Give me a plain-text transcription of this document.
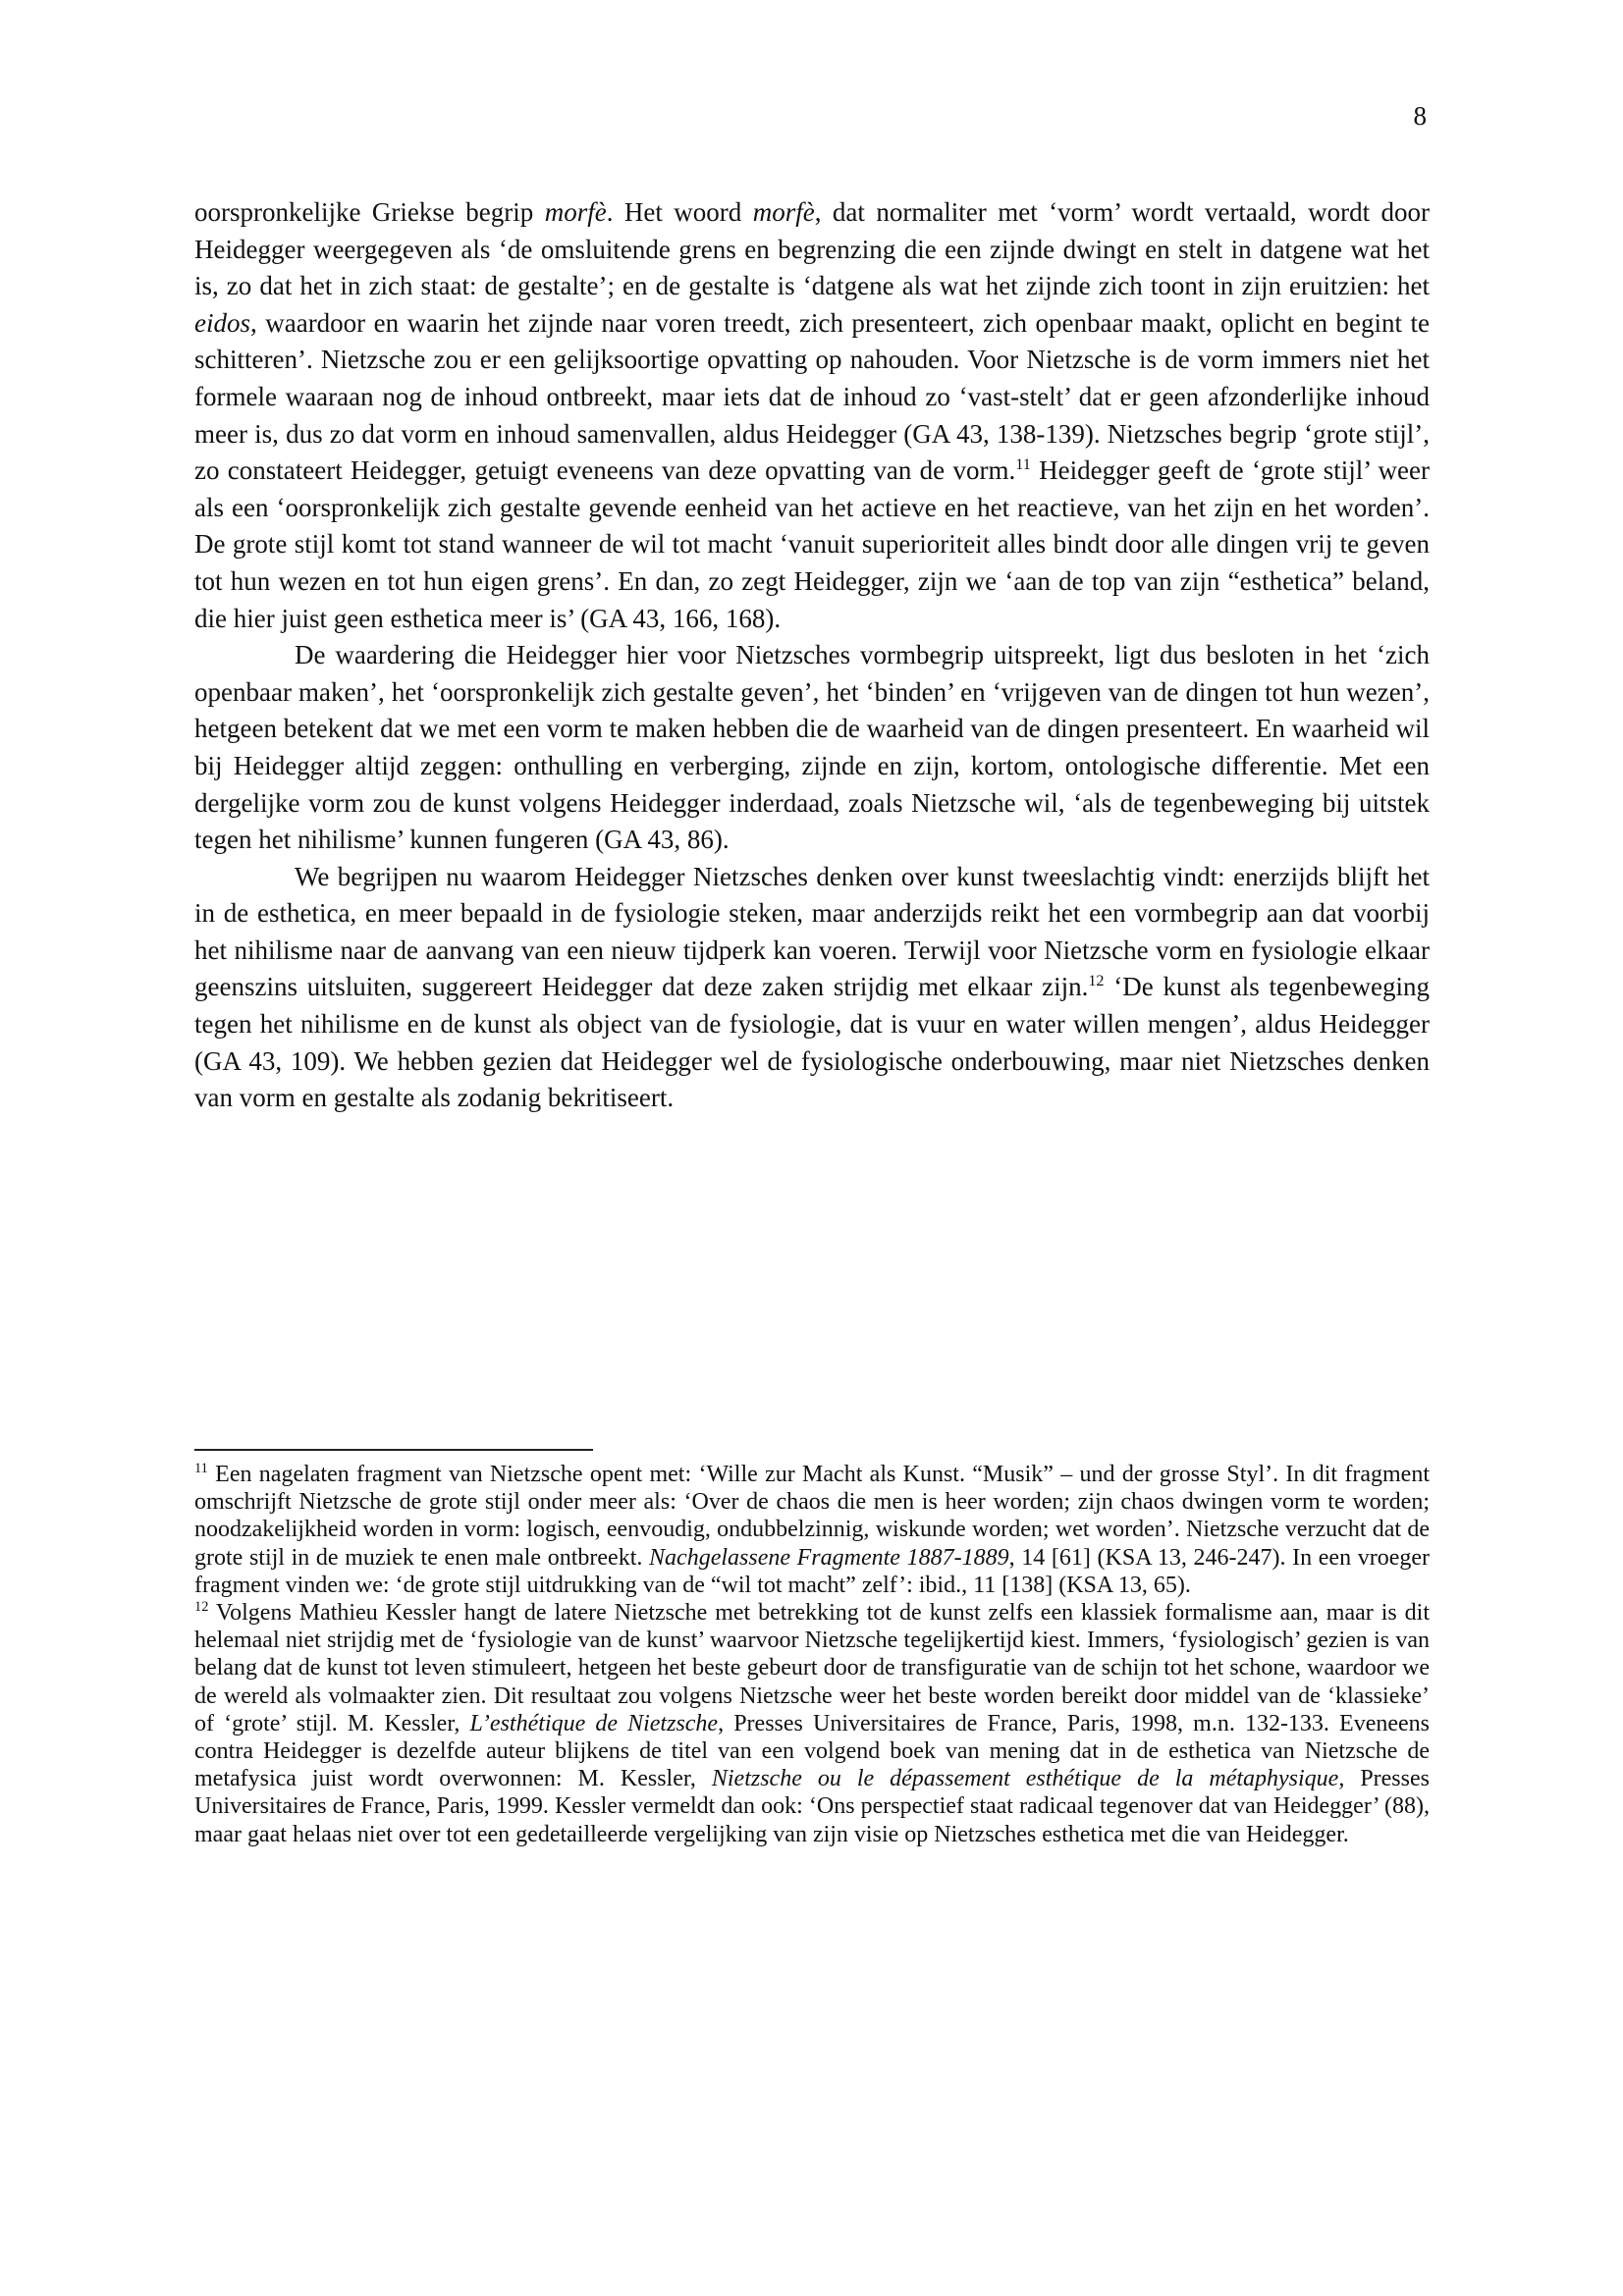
8

oorspronkelijke Griekse begrip morfè. Het woord morfè, dat normaliter met ‘vorm’ wordt vertaald, wordt door Heidegger weergegeven als ‘de omsluitende grens en begrenzing die een zijnde dwingt en stelt in datgene wat het is, zo dat het in zich staat: de gestalte’; en de gestalte is ‘datgene als wat het zijnde zich toont in zijn eruitzien: het eidos, waardoor en waarin het zijnde naar voren treedt, zich presenteert, zich openbaar maakt, oplicht en begint te schitteren’. Nietzsche zou er een gelijksoortige opvatting op nahouden. Voor Nietzsche is de vorm immers niet het formele waaraan nog de inhoud ontbreekt, maar iets dat de inhoud zo ‘vast-stelt’ dat er geen afzonderlijke inhoud meer is, dus zo dat vorm en inhoud samenvallen, aldus Heidegger (GA 43, 138-139). Nietzsches begrip ‘grote stijl’, zo constateert Heidegger, getuigt eveneens van deze opvatting van de vorm.$^{11}$ Heidegger geeft de ‘grote stijl’ weer als een ‘oorspronkelijk zich gestalte gevende eenheid van het actieve en het reactieve, van het zijn en het worden’. De grote stijl komt tot stand wanneer de wil tot macht ‘vanuit superioriteit alles bindt door alle dingen vrij te geven tot hun wezen en tot hun eigen grens’. En dan, zo zegt Heidegger, zijn we ‘aan de top van zijn “esthetica” beland, die hier juist geen esthetica meer is’ (GA 43, 166, 168).

De waardering die Heidegger hier voor Nietzsches vormbegrip uitspreekt, ligt dus besloten in het ‘zich openbaar maken’, het ‘oorspronkelijk zich gestalte geven’, het ‘binden’ en ‘vrijgeven van de dingen tot hun wezen’, hetgeen betekent dat we met een vorm te maken hebben die de waarheid van de dingen presenteert. En waarheid wil bij Heidegger altijd zeggen: onthulling en verberging, zijnde en zijn, kortom, ontologische differentie. Met een dergelijke vorm zou de kunst volgens Heidegger inderdaad, zoals Nietzsche wil, ‘als de tegenbeweging bij uitstek tegen het nihilisme’ kunnen fungeren (GA 43, 86).

We begrijpen nu waarom Heidegger Nietzsches denken over kunst tweeslachtig vindt: enerzijds blijft het in de esthetica, en meer bepaald in de fysiologie steken, maar anderzijds reikt het een vormbegrip aan dat voorbij het nihilisme naar de aanvang van een nieuw tijdperk kan voeren. Terwijl voor Nietzsche vorm en fysiologie elkaar geenszins uitsluiten, suggereert Heidegger dat deze zaken strijdig met elkaar zijn.$^{12}$ ‘De kunst als tegenbeweging tegen het nihilisme en de kunst als object van de fysiologie, dat is vuur en water willen mengen’, aldus Heidegger (GA 43, 109). We hebben gezien dat Heidegger wel de fysiologische onderbouwing, maar niet Nietzsches denken van vorm en gestalte als zodanig bekritiseert.

$^{11}$ Een nagelaten fragment van Nietzsche opent met: ‘Wille zur Macht als Kunst. “Musik” – und der grosse Styl’. In dit fragment omschrijft Nietzsche de grote stijl onder meer als: ‘Over de chaos die men is heer worden; zijn chaos dwingen vorm te worden; noodzakelijkheid worden in vorm: logisch, eenvoudig, ondubbelzinnig, wiskunde worden; wet worden’. Nietzsche verzucht dat de grote stijl in de muziek te enen male ontbreekt. Nachgelassene Fragmente 1887-1889, 14 [61] (KSA 13, 246-247). In een vroeger fragment vinden we: ‘de grote stijl uitdrukking van de “wil tot macht” zelf’: ibid., 11 [138] (KSA 13, 65).

$^{12}$ Volgens Mathieu Kessler hangt de latere Nietzsche met betrekking tot de kunst zelfs een klassiek formalisme aan, maar is dit helemaal niet strijdig met de ‘fysiologie van de kunst’ waarvoor Nietzsche tegelijkertijd kiest. Immers, ‘fysiologisch’ gezien is van belang dat de kunst tot leven stimuleert, hetgeen het beste gebeurt door de transfiguratie van de schijn tot het schone, waardoor we de wereld als volmaakter zien. Dit resultaat zou volgens Nietzsche weer het beste worden bereikt door middel van de ‘klassieke’ of ‘grote’ stijl. M. Kessler, L’esthétique de Nietzsche, Presses Universitaires de France, Paris, 1998, m.n. 132-133. Eveneens contra Heidegger is dezelfde auteur blijkens de titel van een volgend boek van mening dat in de esthetica van Nietzsche de metafysica juist wordt overwonnen: M. Kessler, Nietzsche ou le dépassement esthétique de la métaphysique, Presses Universitaires de France, Paris, 1999. Kessler vermeldt dan ook: ‘Ons perspectief staat radicaal tegenover dat van Heidegger’ (88), maar gaat helaas niet over tot een gedetailleerde vergelijking van zijn visie op Nietzsches esthetica met die van Heidegger.
